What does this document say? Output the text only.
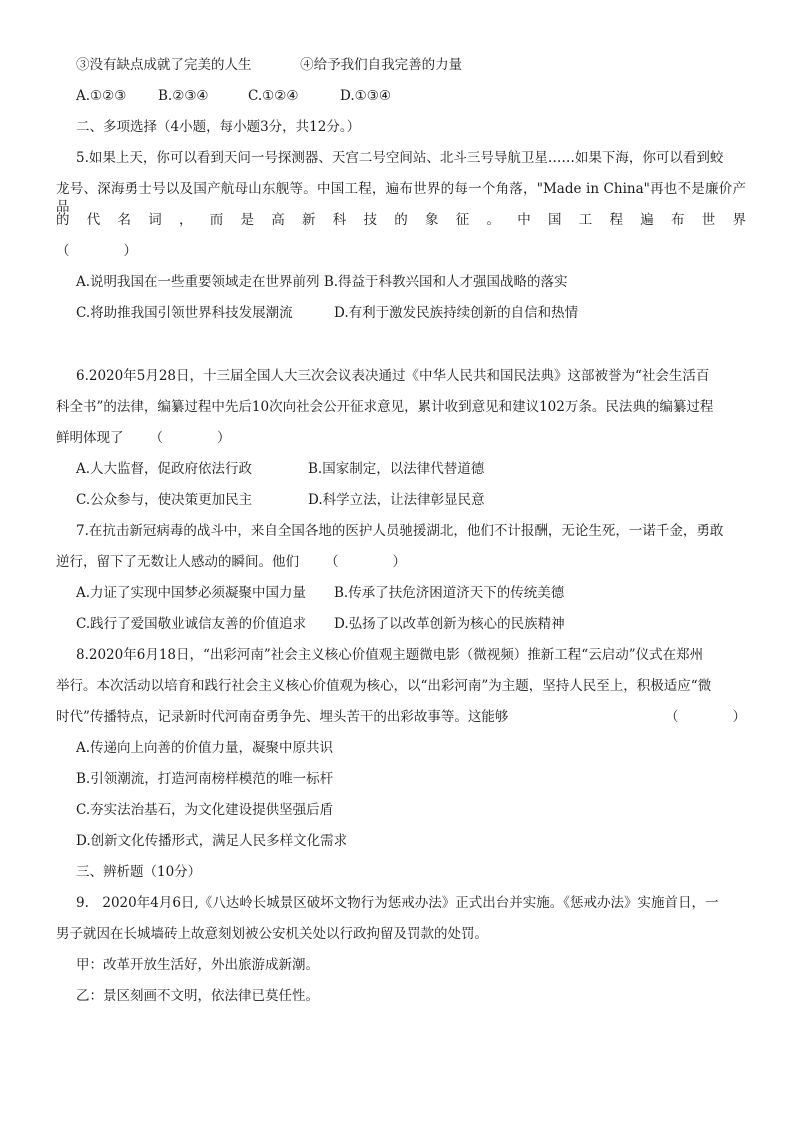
③没有缺点成就了完美的人生	④给予我们自我完善的力量
A.①②③ B.②③④	C.①②④	D.①③④
二、多项选择（4小题，每小题3分，共12分。）
5.如果上天，你可以看到天问一号探测器、天宫二号空间站、北斗三号导航卫星……如果下海，你可以看到蛟
龙号、深海勇士号以及国产航母山东舰等。中国工程，遍布世界的每一个角落，"Made in China"再也不是廉价产品
的代名词，而是高新科技的象征。中国工程遍布世界
（　　　　）
A.说明我国在一些重要领域走在世界前列 B.得益于科教兴国和人才强国战略的落实
C.将助推我国引领世界科技发展潮流	D.有利于激发民族持续创新的自信和热情
6.2020年5月28日，十三届全国人大三次会议表决通过《中华人民共和国民法典》这部被誉为“社会生活百
科全书”的法律，编纂过程中先后10次向社会公开征求意见，累计收到意见和建议102万条。民法典的编纂过程
鲜明体现了 （　　　　）
A.人大监督，促政府依法行政	B.国家制定，以法律代替道德
C.公众参与，使决策更加民主	D.科学立法，让法律彰显民意
7.在抗击新冠病毒的战斗中，来自全国各地的医护人员驰援湖北，他们不计报酬，无论生死，一诺千金，勇敢
逆行，留下了无数让人感动的瞬间。他们 （　　　　）
A.力证了实现中国梦必须凝聚中国力量 B.传承了扶危济困道济天下的传统美德
C.践行了爱国敬业诚信友善的价值追求 D.弘扬了以改革创新为核心的民族精神
8.2020年6月18日，“出彩河南”社会主义核心价值观主题微电影（微视频）推新工程“云启动”仪式在郑州
举行。本次活动以培育和践行社会主义核心价值观为核心，以“出彩河南”为主题，坚持人民至上，积极适应“微
时代”传播特点，记录新时代河南奋勇争先、埋头苦干的出彩故事等。这能够	（　　　　）
A.传递向上向善的价值力量，凝聚中原共识
B.引领潮流，打造河南榜样模范的唯一标杆
C.夯实法治基石，为文化建设提供坚强后盾
D.创新文化传播形式，满足人民多样文化需求
三、辨析题（10分）
9.　2020年4月6日,《八达岭长城景区破坏文物行为惩戒办法》正式出台并实施。《惩戒办法》实施首日，一
男子就因在长城墙砖上故意刻划被公安机关处以行政拘留及罚款的处罚。
甲：改革开放生活好，外出旅游成新潮。
乙：景区刻画不文明，依法律已莫任性。
